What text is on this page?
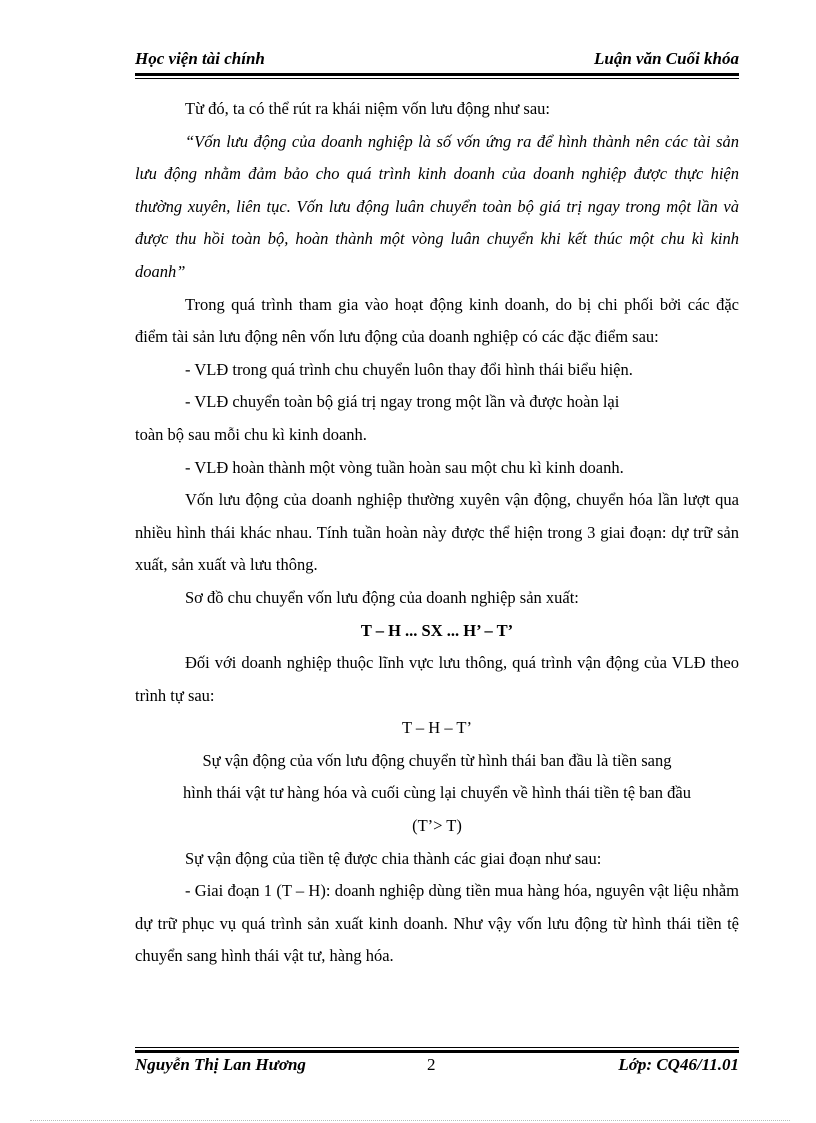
Học viện tài chính	Luận văn Cuối khóa

Từ đó, ta có thể rút ra khái niệm vốn lưu động như sau:

“Vốn lưu động của doanh nghiệp là số vốn ứng ra để hình thành nên các tài sản lưu động nhằm đảm bảo cho quá trình kinh doanh của doanh nghiệp được thực hiện thường xuyên, liên tục. Vốn lưu động luân chuyển toàn bộ giá trị ngay trong một lần và được thu hồi toàn bộ, hoàn thành một vòng luân chuyển khi kết thúc một chu kì kinh doanh”

Trong quá trình tham gia vào hoạt động kinh doanh, do bị chi phối bởi các đặc điểm tài sản lưu động nên vốn lưu động của doanh nghiệp có các đặc điểm sau:

- VLĐ trong quá trình chu chuyển luôn thay đổi hình thái biểu hiện.

- VLĐ chuyển toàn bộ giá trị ngay trong một lần và được hoàn lại

toàn bộ sau mỗi chu kì kinh doanh.

- VLĐ hoàn thành một vòng tuần hoàn sau một chu kì kinh doanh.

Vốn lưu động của doanh nghiệp thường xuyên vận động, chuyển hóa lần lượt qua nhiều hình thái khác nhau. Tính tuần hoàn này được thể hiện trong 3 giai đoạn: dự trữ sản xuất, sản xuất và lưu thông.

Sơ đồ chu chuyển vốn lưu động của doanh nghiệp sản xuất:

T – H ... SX ... H’ – T’

Đối với doanh nghiệp thuộc lĩnh vực lưu thông, quá trình vận động của VLĐ theo trình tự sau:

T – H – T’

Sự vận động của vốn lưu động chuyển từ hình thái ban đầu là tiền sang

hình thái vật tư hàng hóa và cuối cùng lại chuyển về hình thái tiền tệ ban đầu

(T’> T)

Sự vận động của tiền tệ được chia thành các giai đoạn như sau:

- Giai đoạn 1 (T – H): doanh nghiệp dùng tiền mua hàng hóa, nguyên vật liệu nhằm dự trữ phục vụ quá trình sản xuất kinh doanh. Như vậy vốn lưu động từ hình thái tiền tệ chuyển sang hình thái vật tư, hàng hóa.

Nguyễn Thị Lan Hương	2	Lớp: CQ46/11.01
